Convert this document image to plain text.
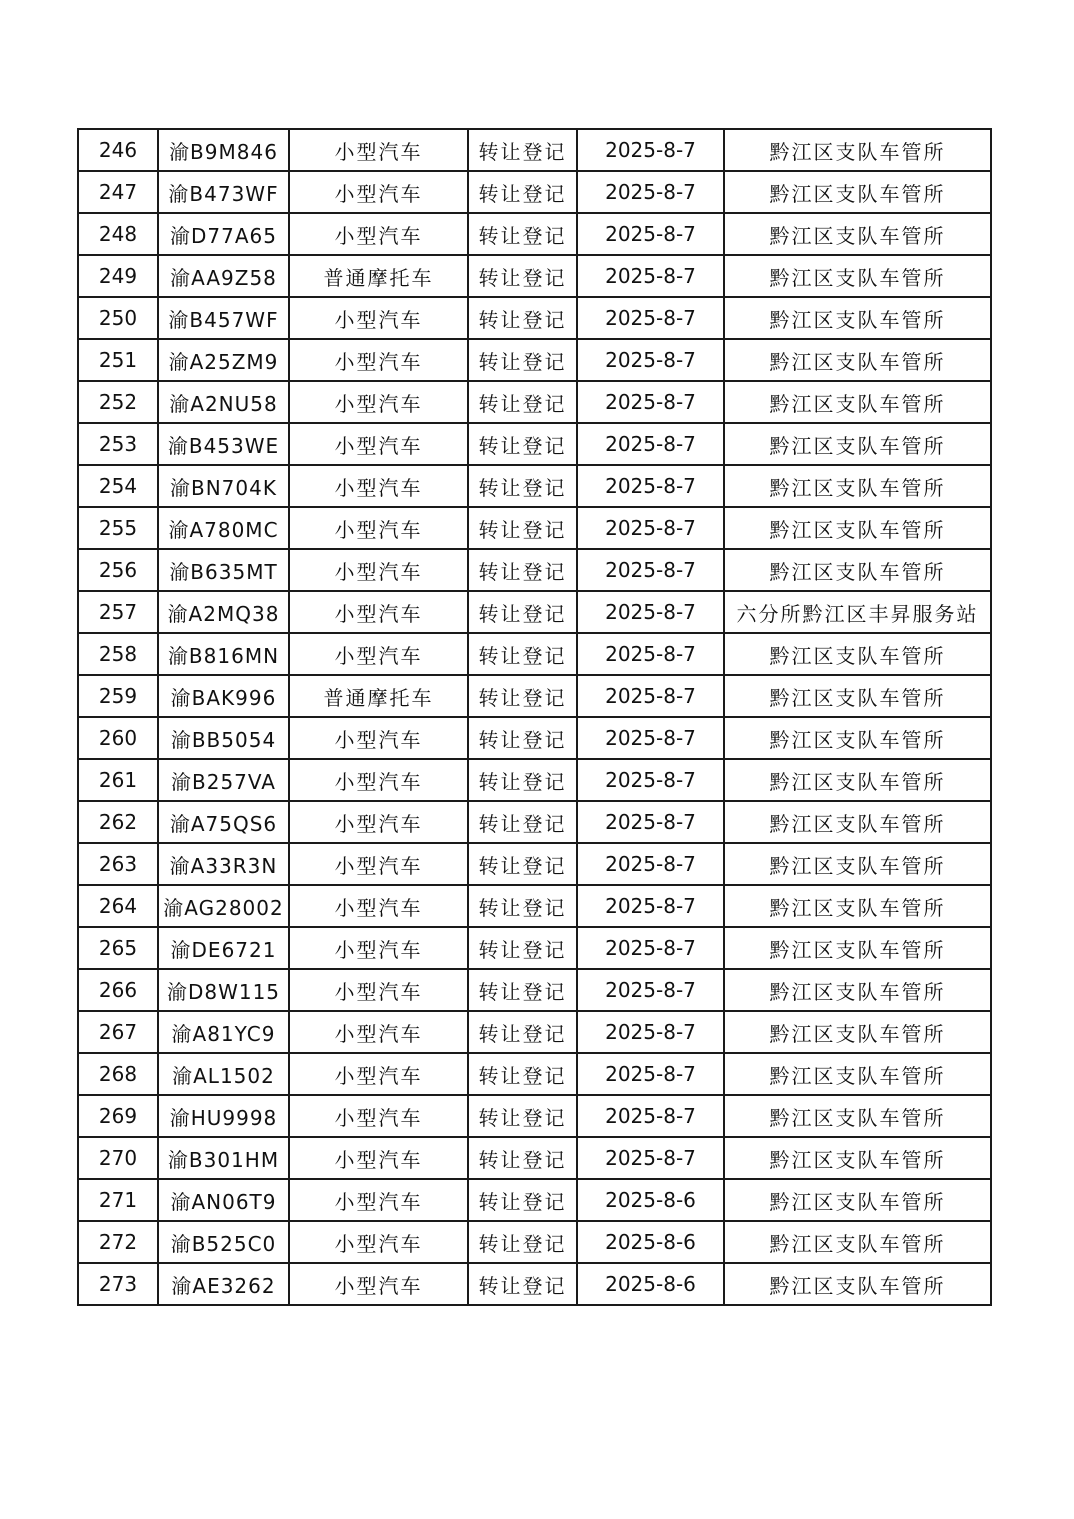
246	渝B9M846	小型汽车	转让登记	2025-8-7	黔江区支队车管所
247	渝B473WF	小型汽车	转让登记	2025-8-7	黔江区支队车管所
248	渝D77A65	小型汽车	转让登记	2025-8-7	黔江区支队车管所
249	渝AA9Z58	普通摩托车	转让登记	2025-8-7	黔江区支队车管所
250	渝B457WF	小型汽车	转让登记	2025-8-7	黔江区支队车管所
251	渝A25ZM9	小型汽车	转让登记	2025-8-7	黔江区支队车管所
252	渝A2NU58	小型汽车	转让登记	2025-8-7	黔江区支队车管所
253	渝B453WE	小型汽车	转让登记	2025-8-7	黔江区支队车管所
254	渝BN704K	小型汽车	转让登记	2025-8-7	黔江区支队车管所
255	渝A780MC	小型汽车	转让登记	2025-8-7	黔江区支队车管所
256	渝B635MT	小型汽车	转让登记	2025-8-7	黔江区支队车管所
257	渝A2MQ38	小型汽车	转让登记	2025-8-7	六分所黔江区丰昇服务站
258	渝B816MN	小型汽车	转让登记	2025-8-7	黔江区支队车管所
259	渝BAK996	普通摩托车	转让登记	2025-8-7	黔江区支队车管所
260	渝BB5054	小型汽车	转让登记	2025-8-7	黔江区支队车管所
261	渝B257VA	小型汽车	转让登记	2025-8-7	黔江区支队车管所
262	渝A75QS6	小型汽车	转让登记	2025-8-7	黔江区支队车管所
263	渝A33R3N	小型汽车	转让登记	2025-8-7	黔江区支队车管所
264	渝AG28002	小型汽车	转让登记	2025-8-7	黔江区支队车管所
265	渝DE6721	小型汽车	转让登记	2025-8-7	黔江区支队车管所
266	渝D8W115	小型汽车	转让登记	2025-8-7	黔江区支队车管所
267	渝A81YC9	小型汽车	转让登记	2025-8-7	黔江区支队车管所
268	渝AL1502	小型汽车	转让登记	2025-8-7	黔江区支队车管所
269	渝HU9998	小型汽车	转让登记	2025-8-7	黔江区支队车管所
270	渝B301HM	小型汽车	转让登记	2025-8-7	黔江区支队车管所
271	渝AN06T9	小型汽车	转让登记	2025-8-6	黔江区支队车管所
272	渝B525C0	小型汽车	转让登记	2025-8-6	黔江区支队车管所
273	渝AE3262	小型汽车	转让登记	2025-8-6	黔江区支队车管所
